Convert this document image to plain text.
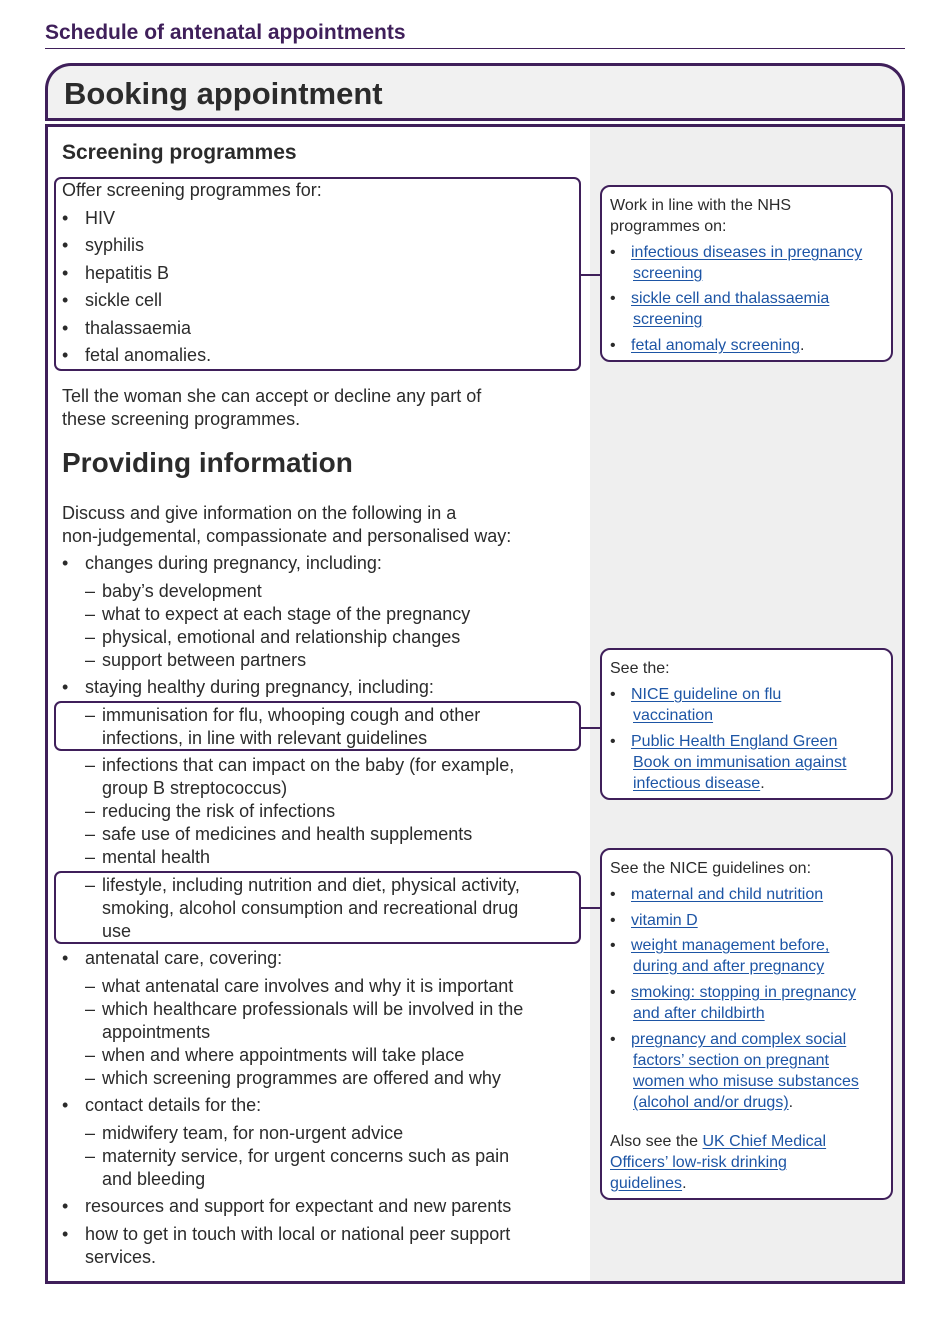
Schedule of antenatal appointments
Booking appointment
Screening programmes
Offer screening programmes for:
• HIV
• syphilis
• hepatitis B
• sickle cell
• thalassaemia
• fetal anomalies.
Tell the woman she can accept or decline any part of
these screening programmes.
Providing information
Discuss and give information on the following in a
non-judgemental, compassionate and personalised way:
• changes during pregnancy, including:
– baby’s development
– what to expect at each stage of the pregnancy
– physical, emotional and relationship changes
– support between partners
• staying healthy during pregnancy, including:
– immunisation for flu, whooping cough and other
infections, in line with relevant guidelines
– infections that can impact on the baby (for example,
group B streptococcus)
– reducing the risk of infections
– safe use of medicines and health supplements
– mental health
– lifestyle, including nutrition and diet, physical activity,
smoking, alcohol consumption and recreational drug
use
• antenatal care, covering:
– what antenatal care involves and why it is important
– which healthcare professionals will be involved in the
appointments
– when and where appointments will take place
– which screening programmes are offered and why
• contact details for the:
– midwifery team, for non-urgent advice
– maternity service, for urgent concerns such as pain
and bleeding
• resources and support for expectant and new parents
• how to get in touch with local or national peer support
services.
Work in line with the NHS
programmes on:
• infectious diseases in pregnancy
screening
• sickle cell and thalassaemia
screening
• fetal anomaly screening.
See the:
• NICE guideline on flu
vaccination
• Public Health England Green
Book on immunisation against
infectious disease.
See the NICE guidelines on:
• maternal and child nutrition
• vitamin D
• weight management before,
during and after pregnancy
• smoking: stopping in pregnancy
and after childbirth
• pregnancy and complex social
factors’ section on pregnant
women who misuse substances
(alcohol and/or drugs).
Also see the UK Chief Medical
Officers’ low-risk drinking
guidelines.
